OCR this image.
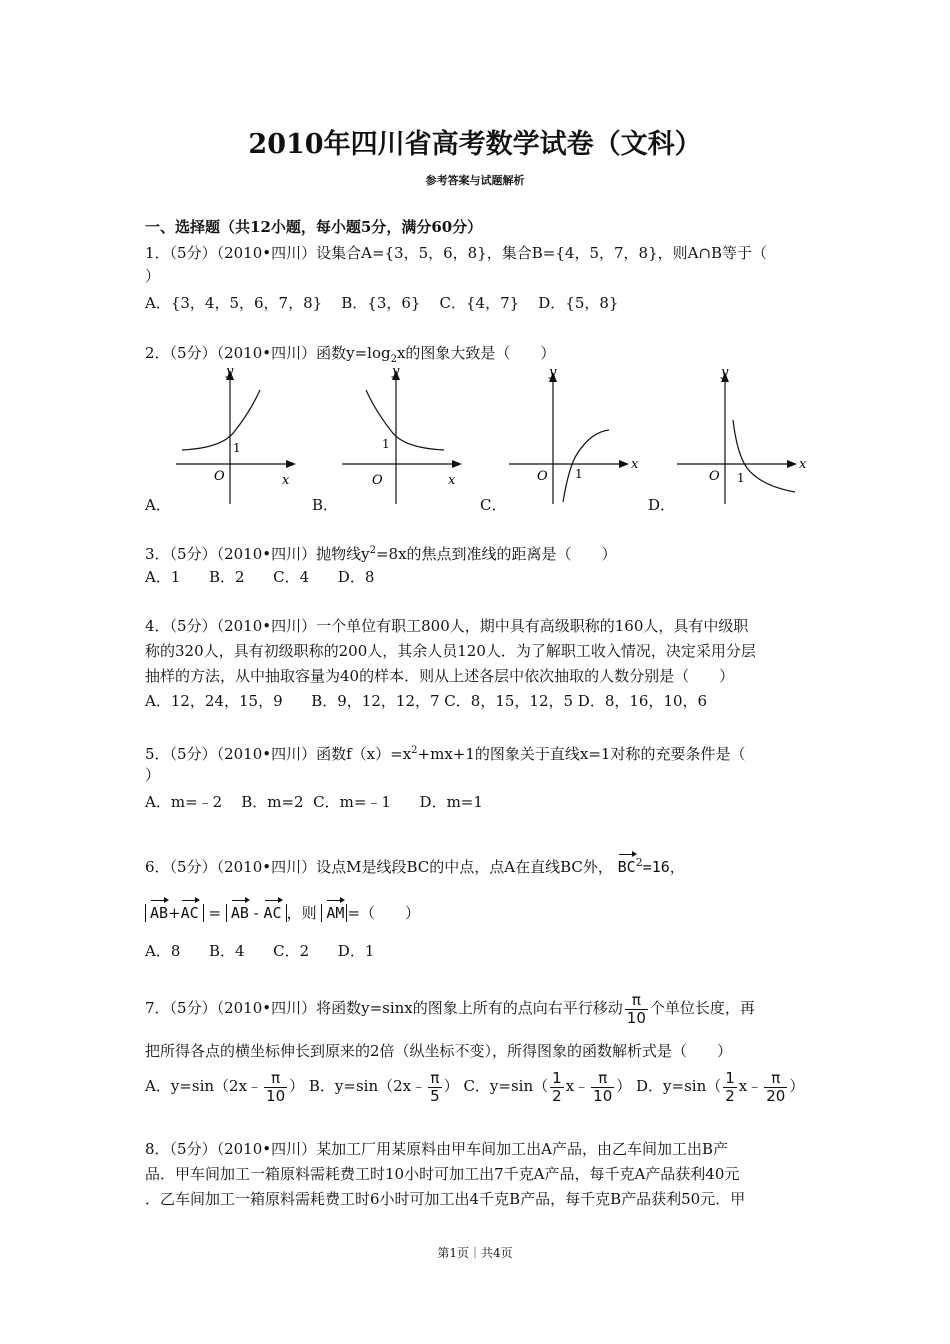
2010年四川省高考数学试卷（文科）
参考答案与试题解析
一、选择题（共12小题，每小题5分，满分60分）
1．（5分）（2010•四川）设集合A={3，5，6，8}，集合B={4，5，7，8}，则A∩B等于（
）
A．{3，4，5，6，7，8}    B．{3，6}    C．{4，7}    D．{5，8}
2．（5分）（2010•四川）函数$y=\log_2x$的图象大致是（　　）
A．
y
x
O
1
B．
y
x
O
1
C．
y
x
O 1
D．
y
x
O 1
3．（5分）（2010•四川）抛物线$y^2=8x$的焦点到准线的距离是（　　）
A．1      B．2      C．4      D．8
4．（5分）（2010•四川）一个单位有职工800人，期中具有高级职称的160人，具有中级职
称的320人，具有初级职称的200人，其余人员120人．为了解职工收入情况，决定采用分层
抽样的方法，从中抽取容量为40的样本．则从上述各层中依次抽取的人数分别是（　　）
A．12，24，15，9      B．9，12，12，7 C．8，15，12，5 D．8，16，10，6
5．（5分）（2010•四川）函数$f(x)=x^2+mx+1$的图象关于直线x=1对称的充要条件是（
）
A．m=﹣2    B．m=2  C．m=﹣1      D．m=1
6．（5分）（2010•四川）设点M是线段BC的中点，点A在直线BC外， $BC^2=16$，
AB+AC = AB - AC ，则 AM =（　　）
A．8      B．4      C．2      D．1
7．（5分）（2010•四川）将函数y=sinx的图象上所有的点向右平行移动 $\frac{\pi}{10}$ 个单位长度，再
把所得各点的横坐标伸长到原来的2倍（纵坐标不变），所得图象的函数解析式是（　　）
A．y=sin（2x﹣ $\frac{\pi}{10}$ ） B．y=sin（2x﹣ $\frac{\pi}{5}$ ） C．$y=\sin( \frac{1}{2}$ x﹣ $\frac{\pi}{10}$ ） D．$y=\sin( \frac{1}{2}$ x﹣ $\frac{\pi}{20}$ ）
8．（5分）（2010•四川）某加工厂用某原料由甲车间加工出A产品，由乙车间加工出B产
品．甲车间加工一箱原料需耗费工时10小时可加工出7千克A产品，每千克A产品获利40元
．乙车间加工一箱原料需耗费工时6小时可加工出4千克B产品，每千克B产品获利50元．甲
第1页｜共4页
